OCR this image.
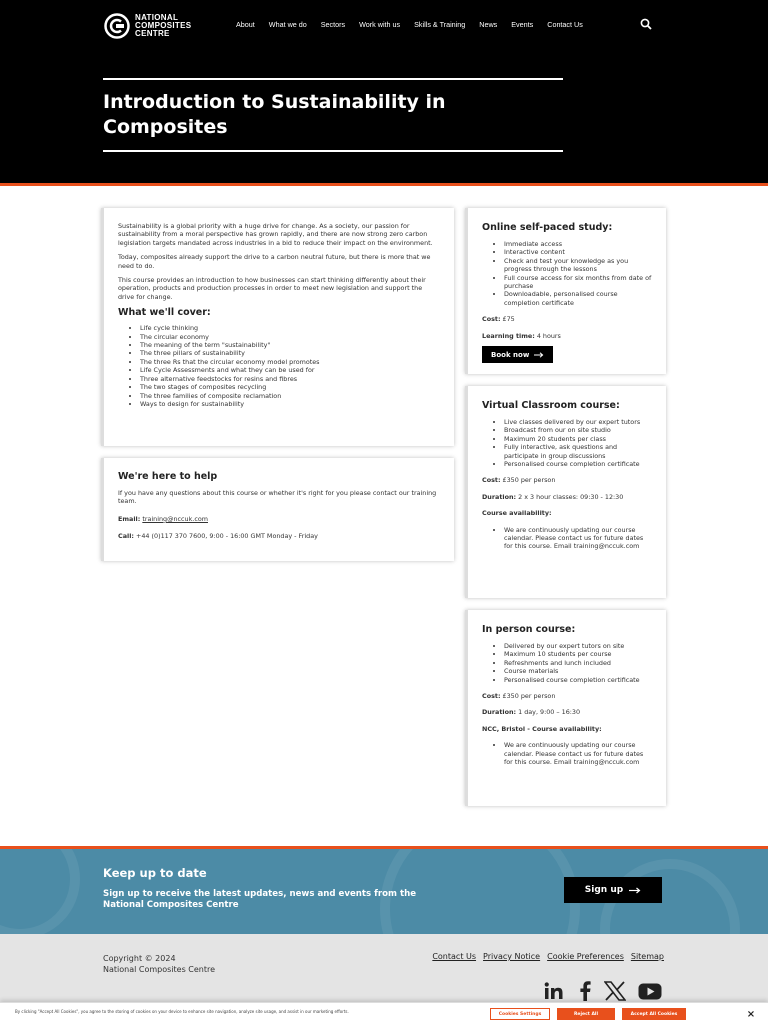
NATIONAL
COMPOSITES
CENTRE
About What we do Sectors Work with us Skills & Training News Events Contact Us
Introduction to Sustainability in Composites

Sustainability is a global priority with a huge drive for change. As a society, our passion for sustainability from a moral perspective has grown rapidly, and there are now strong zero carbon legislation targets mandated across industries in a bid to reduce their impact on the environment.

Today, composites already support the drive to a carbon neutral future, but there is more that we need to do.

This course provides an introduction to how businesses can start thinking differently about their operation, products and production processes in order to meet new legislation and support the drive for change.

What we'll cover:
• Life cycle thinking
• The circular economy
• The meaning of the term "sustainability"
• The three pillars of sustainability
• The three Rs that the circular economy model promotes
• Life Cycle Assessments and what they can be used for
• Three alternative feedstocks for resins and fibres
• The two stages of composites recycling
• The three families of composite reclamation
• Ways to design for sustainability
We're here to help

If you have any questions about this course or whether it's right for you please contact our training team.

Email: training@nccuk.com

Call: +44 (0)117 370 7600, 9:00 - 16:00 GMT Monday - Friday

Online self-paced study:
• Immediate access
• Interactive content
• Check and test your knowledge as you progress through the lessons
• Full course access for six months from date of purchase
• Downloadable, personalised course completion certificate

Cost: £75

Learning time: 4 hours

Book now
Virtual Classroom course:
• Live classes delivered by our expert tutors
• Broadcast from our on site studio
• Maximum 20 students per class
• Fully interactive, ask questions and participate in group discussions
• Personalised course completion certificate

Cost: £350 per person

Duration: 2 x 3 hour classes: 09:30 - 12:30

Course availability:

• We are continuously updating our course calendar. Please contact us for future dates for this course. Email training@nccuk.com
In person course:
• Delivered by our expert tutors on site
• Maximum 10 students per course
• Refreshments and lunch included
• Course materials
• Personalised course completion certificate

Cost: £350 per person

Duration: 1 day, 9:00 – 16:30

NCC, Bristol - Course availability:

• We are continuously updating our course calendar. Please contact us for future dates for this course. Email training@nccuk.com
Keep up to date
Sign up to receive the latest updates, news and events from the National Composites Centre
Sign up
Copyright © 2024
National Composites Centre
Contact Us Privacy Notice Cookie Preferences Sitemap
By clicking "Accept All Cookies", you agree to the storing of cookies on your device to enhance site navigation, analyze site usage, and assist in our marketing efforts.	Cookies Settings	Reject All	Accept All Cookies	×
